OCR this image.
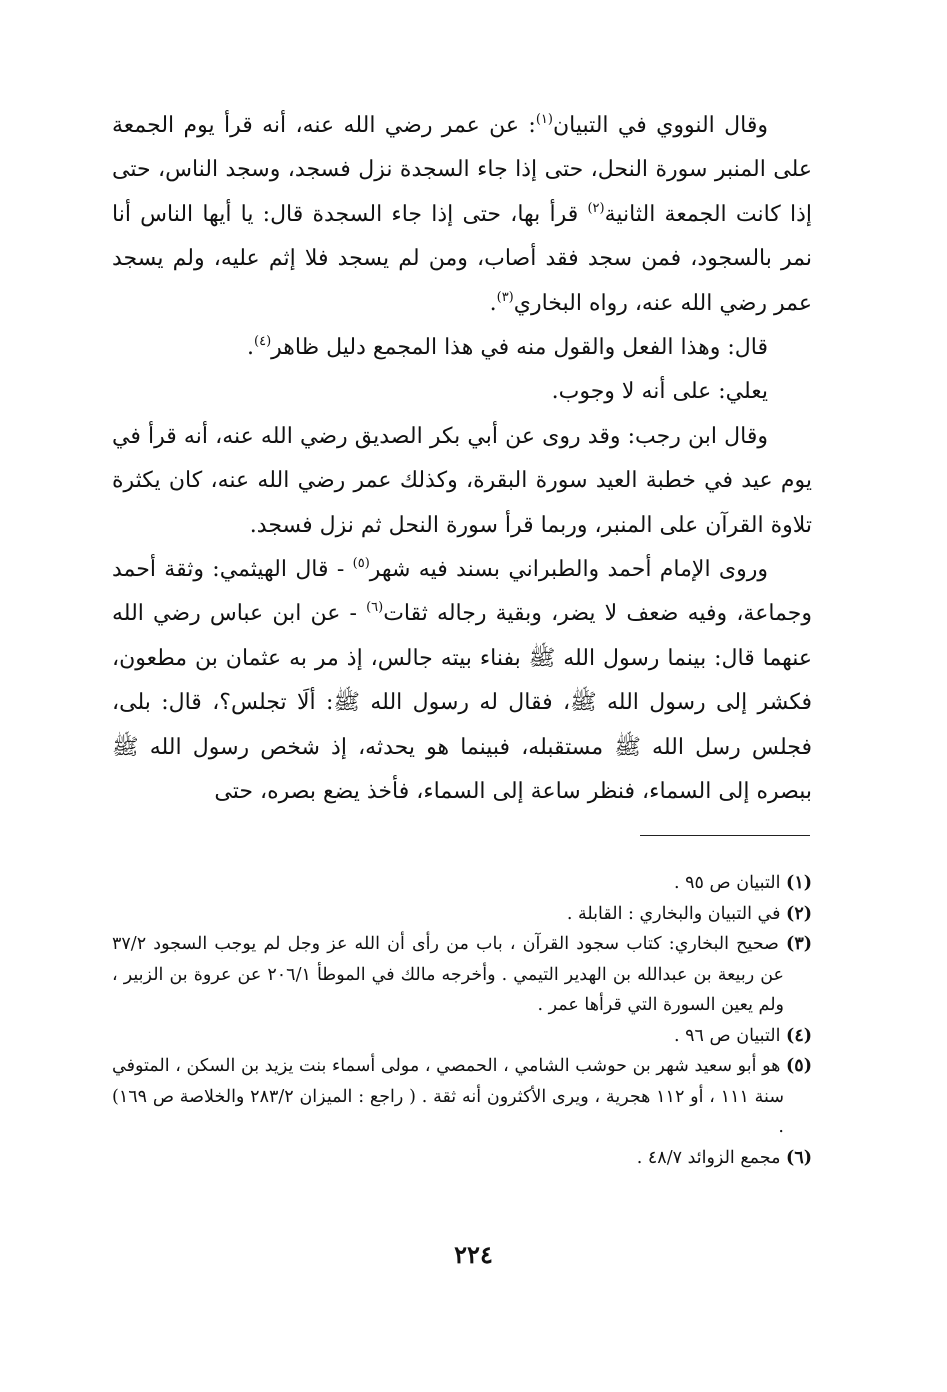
وقال النووي في التبيان$^{(١)}$: عن عمر رضي الله عنه، أنه قرأ يوم الجمعة على المنبر سورة النحل، حتى إذا جاء السجدة نزل فسجد، وسجد الناس، حتى إذا كانت الجمعة الثانية$^{(٢)}$ قرأ بها، حتى إذا جاء السجدة قال: يا أيها الناس أنا نمر بالسجود، فمن سجد فقد أصاب، ومن لم يسجد فلا إثم عليه، ولم يسجد عمر رضي الله عنه، رواه البخاري$^{(٣)}$.

قال: وهذا الفعل والقول منه في هذا المجمع دليل ظاهر$^{(٤)}$.

يعلي: على أنه لا وجوب.

وقال ابن رجب: وقد روى عن أبي بكر الصديق رضي الله عنه، أنه قرأ في يوم عيد في خطبة العيد سورة البقرة، وكذلك عمر رضي الله عنه، كان يكثرة تلاوة القرآن على المنبر، وربما قرأ سورة النحل ثم نزل فسجد.

وروى الإمام أحمد والطبراني بسند فيه شهر$^{(٥)}$ - قال الهيثمي: وثقة أحمد وجماعة، وفيه ضعف لا يضر، وبقية رجاله ثقات$^{(٦)}$ - عن ابن عباس رضي الله عنهما قال: بينما رسول الله ﷺ بفناء بيته جالس، إذ مر به عثمان بن مطعون، فكشر إلى رسول الله ﷺ، فقال له رسول الله ﷺ: ألَا تجلس؟، قال: بلى، فجلس رسل الله ﷺ مستقبله، فبينما هو يحدثه، إذ شخص رسول الله ﷺ ببصره إلى السماء، فنظر ساعة إلى السماء، فأخذ يضع بصره، حتى

(١) التبيان ص ٩٥ .

(٢) في التبيان والبخاري : القابلة .

(٣) صحيح البخاري: كتاب سجود القرآن ، باب من رأى أن الله عز وجل لم يوجب السجود ٣٧/٢ عن ربيعة بن عبدالله بن الهدير التيمي . وأخرجه مالك في الموطأ ٢٠٦/١ عن عروة بن الزبير ، ولم يعين السورة التي قرأها عمر .

(٤) التبيان ص ٩٦ .

(٥) هو أبو سعيد شهر بن حوشب الشامي ، الحمصي ، مولى أسماء بنت يزيد بن السكن ، المتوفي سنة ١١١ ، أو ١١٢ هجرية ، ويرى الأكثرون أنه ثقة . ( راجع : الميزان ٢٨٣/٢ والخلاصة ص ١٦٩) .

(٦) مجمع الزوائد ٤٨/٧ .

٢٢٤
